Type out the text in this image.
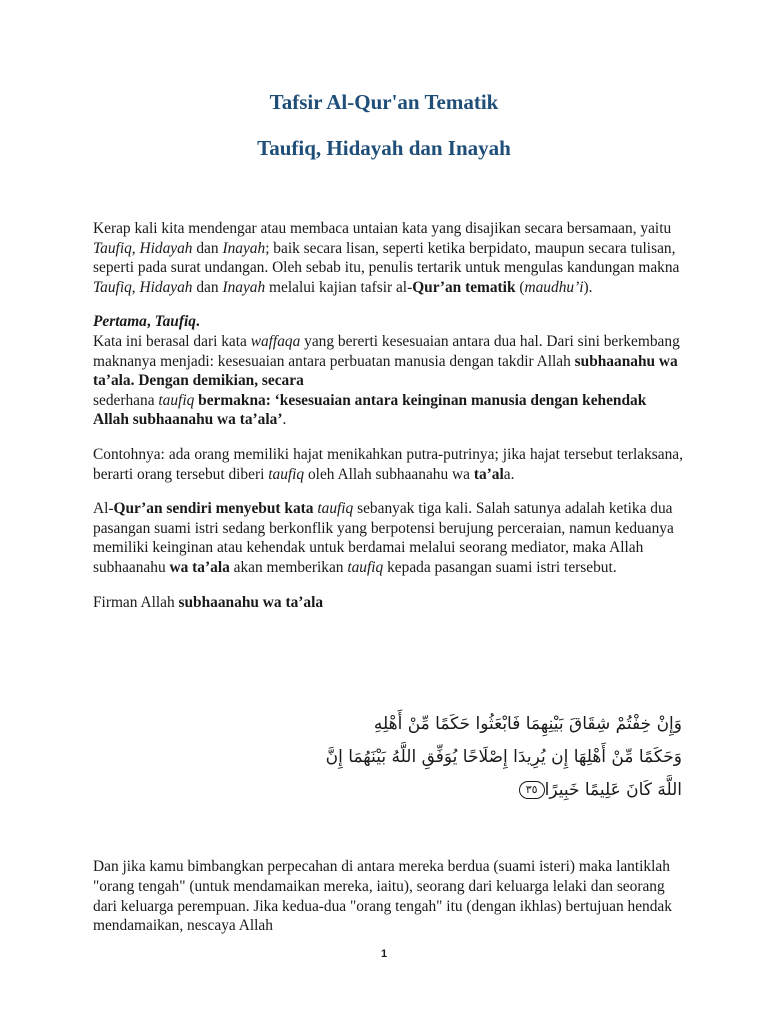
Tafsir Al-Qur'an Tematik
Taufiq, Hidayah dan Inayah

Kerap kali kita mendengar atau membaca untaian kata yang disajikan secara bersamaan, yaitu Taufiq, Hidayah dan Inayah; baik secara lisan, seperti ketika berpidato, maupun secara tulisan, seperti pada surat undangan. Oleh sebab itu, penulis tertarik untuk mengulas kandungan makna Taufiq, Hidayah dan Inayah melalui kajian tafsir al-Qur’an tematik (maudhu’i).

Pertama, Taufiq.

Kata ini berasal dari kata waffaqa yang bererti kesesuaian antara dua hal. Dari sini berkembang maknanya menjadi: kesesuaian antara perbuatan manusia dengan takdir Allah subhaanahu wa ta’ala. Dengan demikian, secara

sederhana taufiq bermakna: ‘kesesuaian antara keinginan manusia dengan kehendak Allah subhaanahu wa ta’ala’.

Contohnya: ada orang memiliki hajat menikahkan putra-putrinya; jika hajat tersebut terlaksana, berarti orang tersebut diberi taufiq oleh Allah subhaanahu wa ta’ala.

Al-Qur’an sendiri menyebut kata taufiq sebanyak tiga kali. Salah satunya adalah ketika dua pasangan suami istri sedang berkonflik yang berpotensi berujung perceraian, namun keduanya memiliki keinginan atau kehendak untuk berdamai melalui seorang mediator, maka Allah subhaanahu wa ta’ala akan memberikan taufiq kepada pasangan suami istri tersebut.

Firman Allah subhaanahu wa ta’ala

وَإِنْ خِفْتُمْ شِقَاقَ بَيْنِهِمَا فَابْعَثُوا حَكَمًا مِّنْ أَهْلِهِ
وَحَكَمًا مِّنْ أَهْلِهَا إِن يُرِيدَا إِصْلَاحًا يُوَفِّقِ اللَّهُ بَيْنَهُمَا إِنَّ
اللَّهَ كَانَ عَلِيمًا خَبِيرًا٣٥

Dan jika kamu bimbangkan perpecahan di antara mereka berdua (suami isteri) maka lantiklah "orang tengah" (untuk mendamaikan mereka, iaitu), seorang dari keluarga lelaki dan seorang dari keluarga perempuan. Jika kedua-dua "orang tengah" itu (dengan ikhlas) bertujuan hendak mendamaikan, nescaya Allah

1
